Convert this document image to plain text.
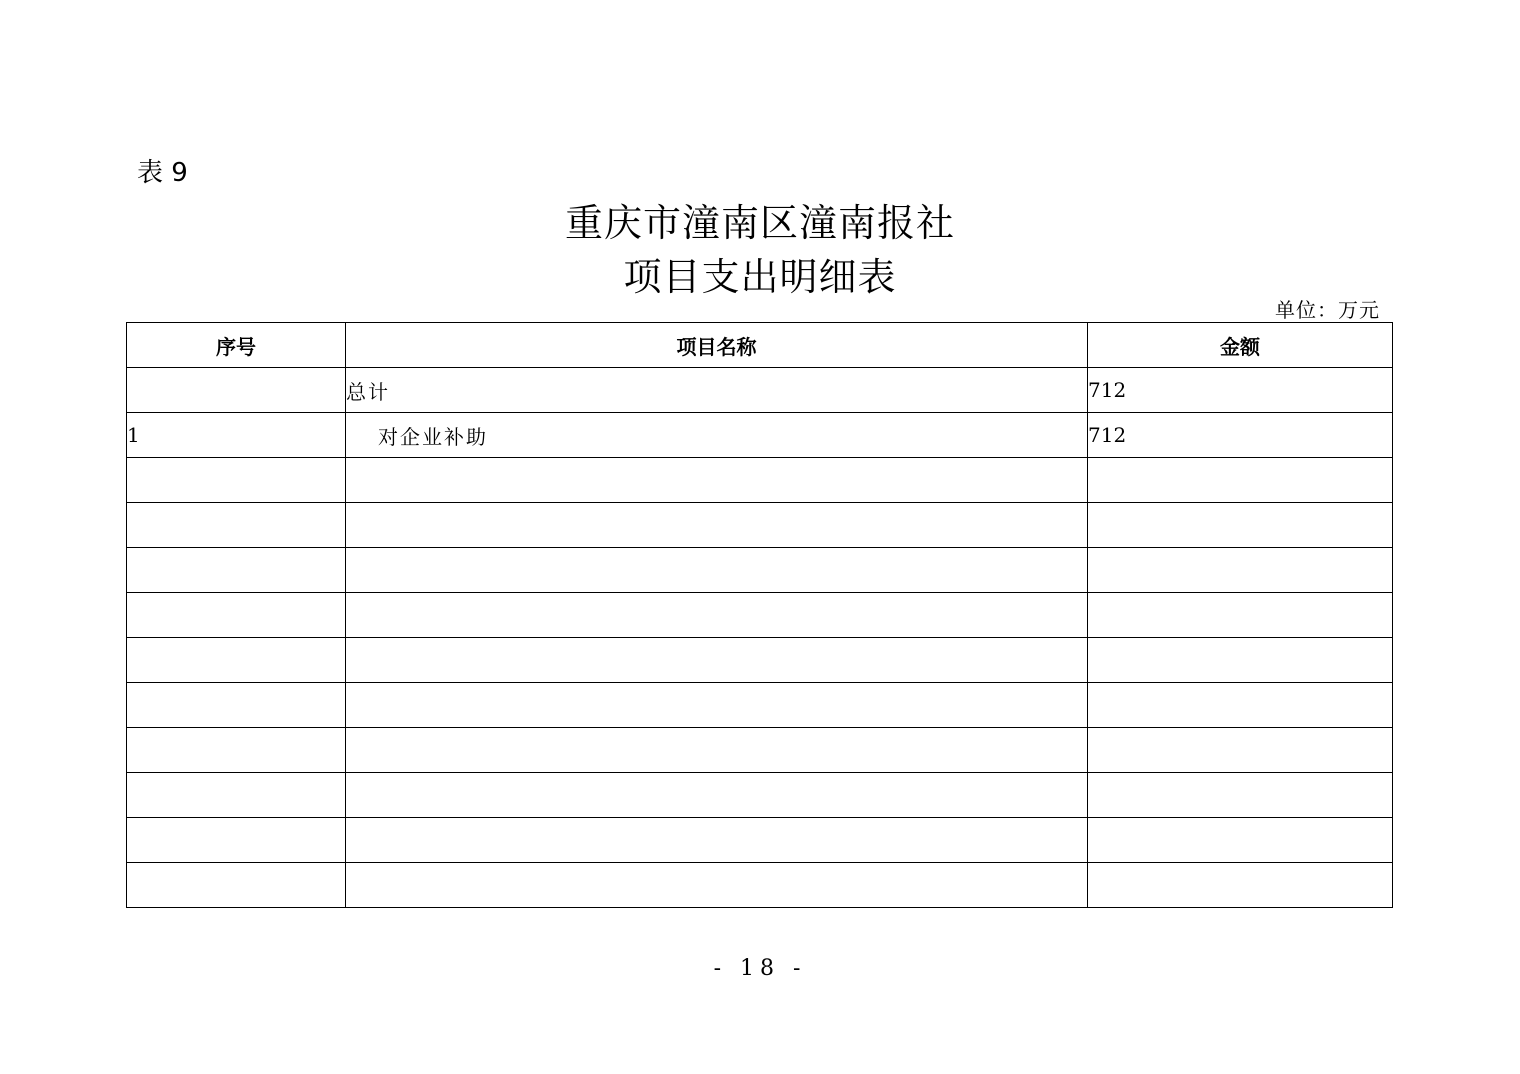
表 9
重庆市潼南区潼南报社
项目支出明细表
单位：万元
序号	项目名称	金额
	总计	712
1	对企业补助	712

- 18 -
